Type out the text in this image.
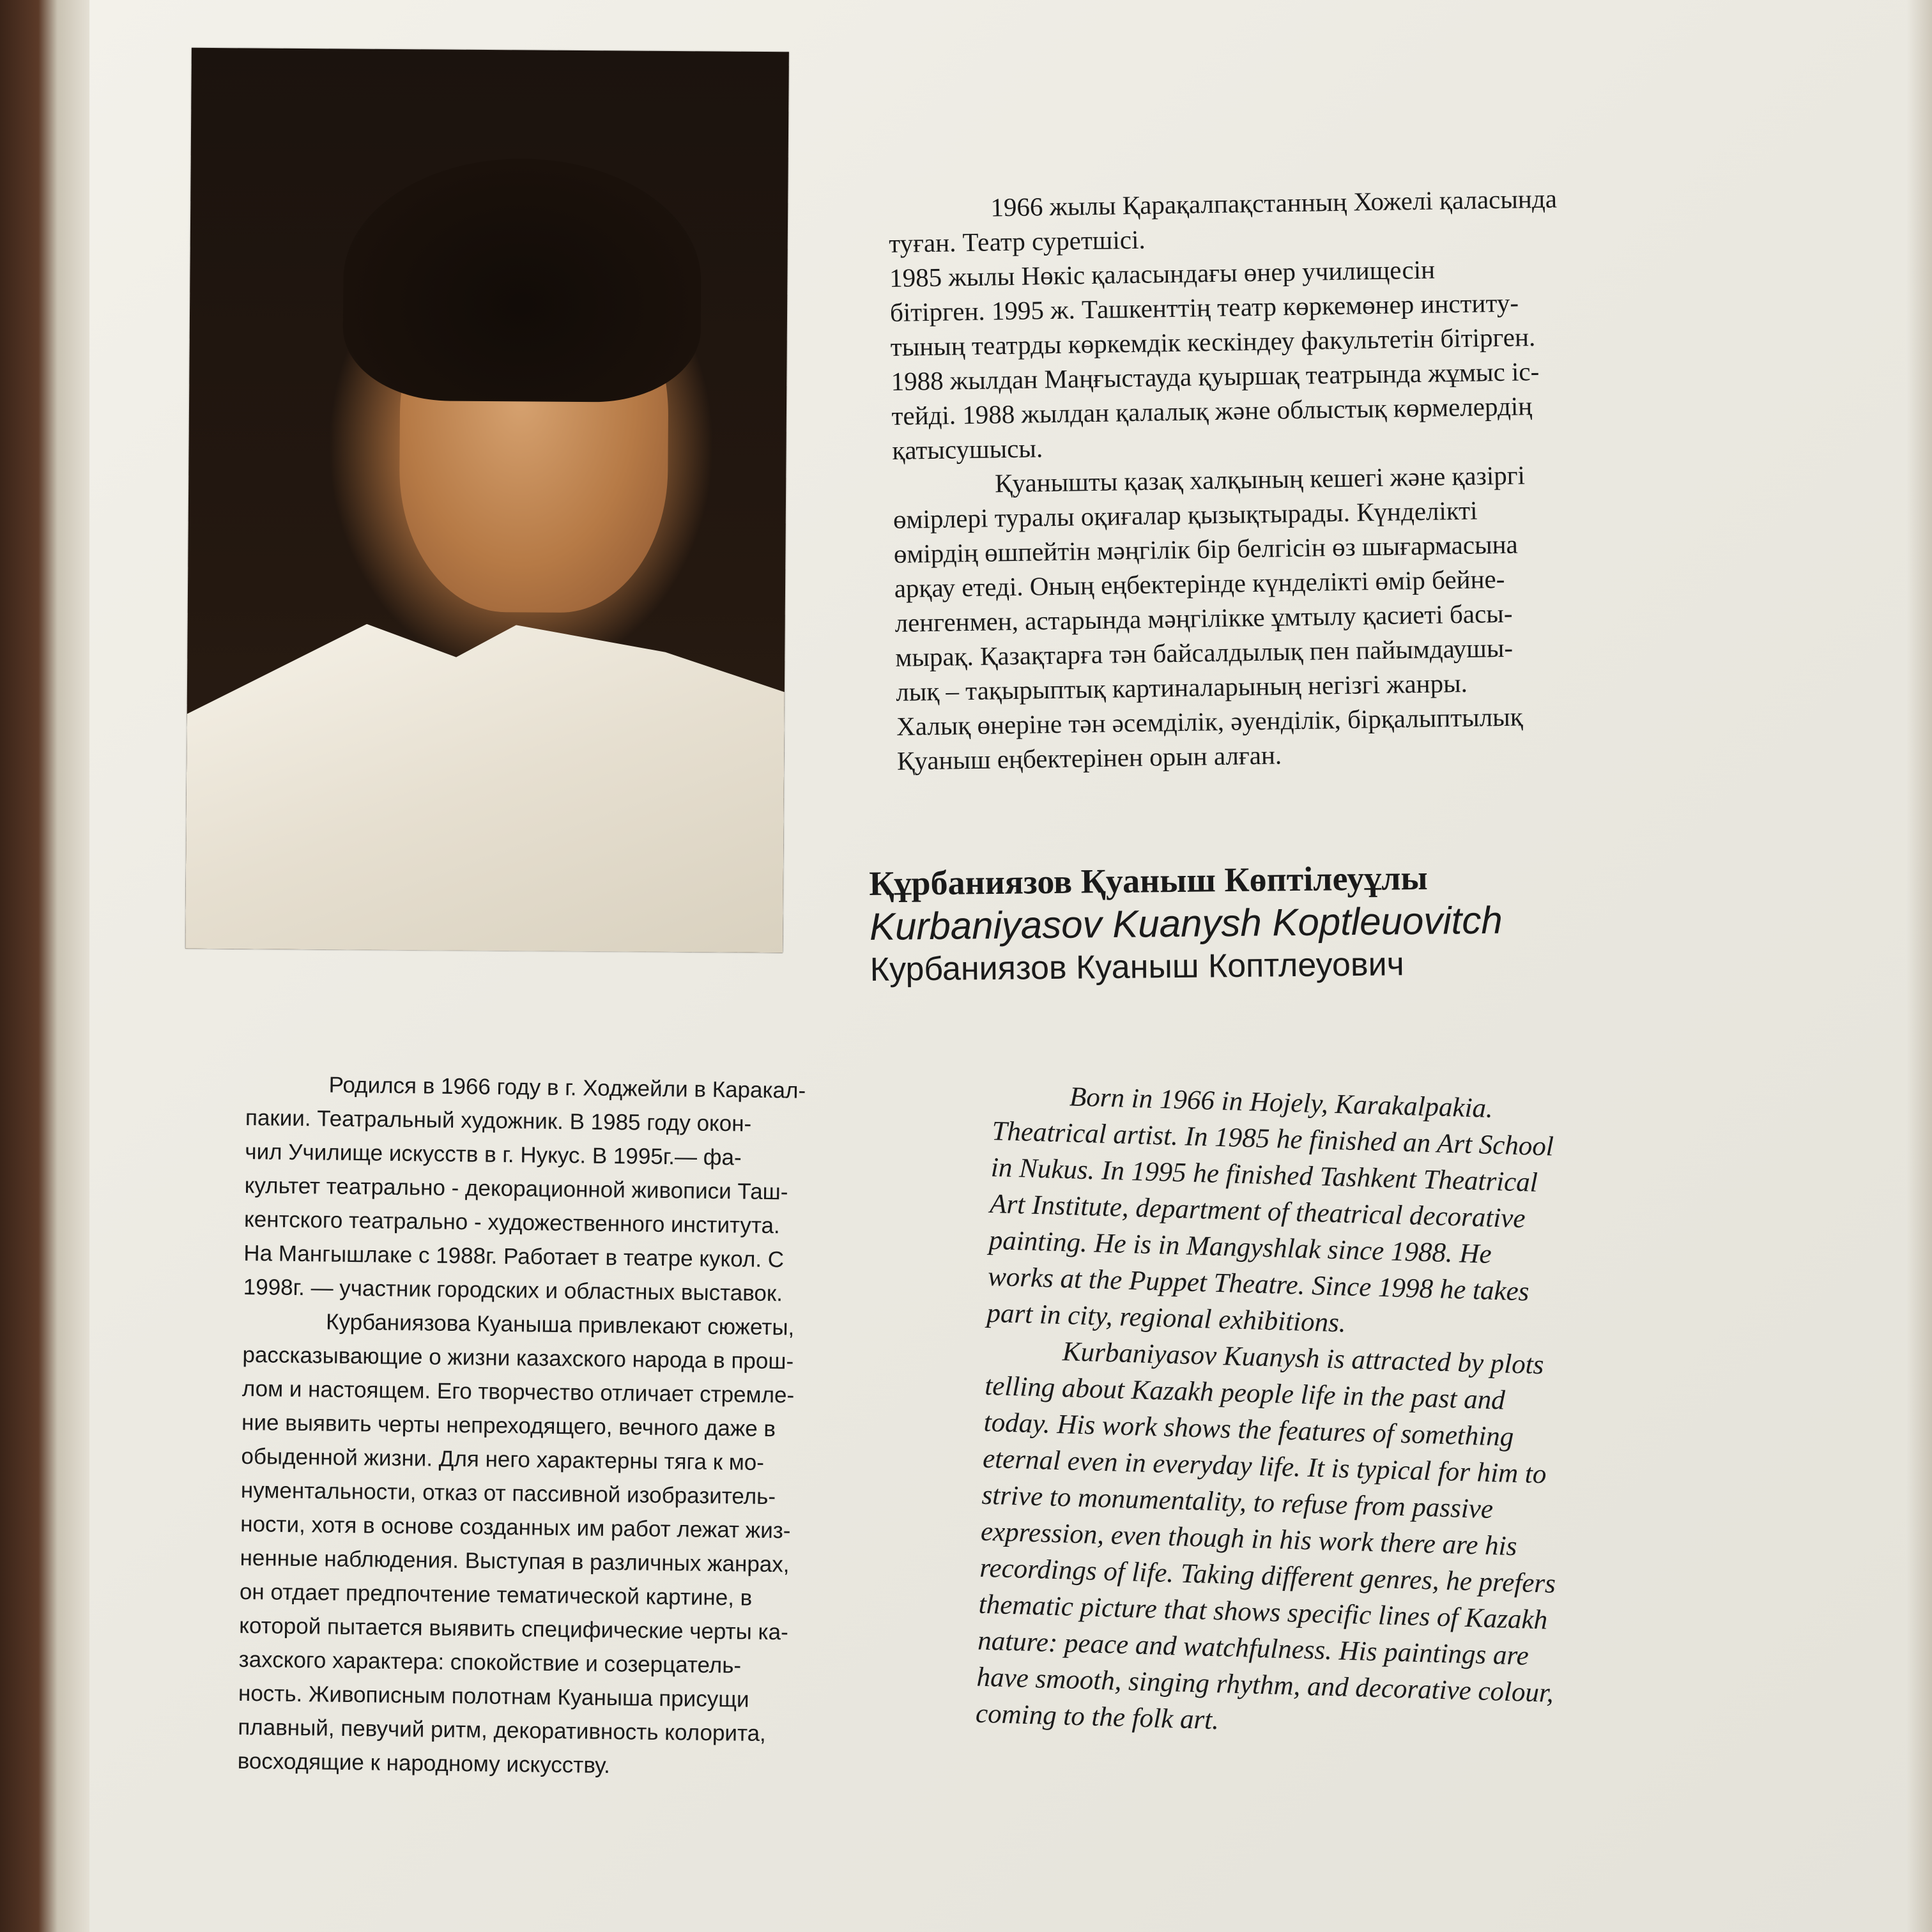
1966 жылы Қарақалпақстанның Хожелі қаласында
туған. Театр суретшісі.

1985 жылы Нөкіс қаласындағы өнер училищесін
бітірген. 1995 ж. Ташкенттің театр көркемөнер институ-
тының театрды көркемдік кескіндеу факультетін бітірген.
1988 жылдан Маңғыстауда қуыршақ театрында жұмыс іс-
тейді. 1988 жылдан қалалық және облыстық көрмелердің
қатысушысы.

Қуанышты қазақ халқының кешегі және қазіргі

өмірлері туралы оқиғалар қызықтырады. Күнделікті
өмірдің өшпейтін мәңгілік бір белгісін өз шығармасына
арқау етеді. Оның еңбектерінде күнделікті өмір бейне-
ленгенмен, астарында мәңгілікке ұмтылу қасиеті басы-
мырақ. Қазақтарға тән байсалдылық пен пайымдаушы-
лық – тақырыптық картиналарының негізгі жанры.
Халық өнеріне тән әсемділік, әуенділік, бірқалыптылық
Қуаныш еңбектерінен орын алған.

Құрбаниязов Қуаныш Көптілеуұлы
Kurbaniyasov Kuanysh Koptleuovitch
Курбаниязов Куаныш Коптлеуович

Родился в 1966 году в г. Ходжейли в Каракал-

пакии. Театральный художник. В 1985 году окон-
чил Училище искусств в г. Нукус. В 1995г.— фа-
культет театрально - декорационной живописи Таш-
кентского театрально - художественного института.
На Мангышлаке с 1988г. Работает в театре кукол. С
1998г. — участник городских и областных выставок.

Курбаниязова Куаныша привлекают сюжеты,

рассказывающие о жизни казахского народа в прош-
лом и настоящем. Его творчество отличает стремле-
ние выявить черты непреходящего, вечного даже в
обыденной жизни. Для него характерны тяга к мо-
нументальности, отказ от пассивной изобразитель-
ности, хотя в основе созданных им работ лежат жиз-
ненные наблюдения. Выступая в различных жанрах,
он отдает предпочтение тематической картине, в
которой пытается выявить специфические черты ка-
захского характера: спокойствие и созерцатель-
ность. Живописным полотнам Куаныша присущи
плавный, певучий ритм, декоративность колорита,
восходящие к народному искусству.

Born in 1966 in Hojely, Karakalpakia.

Theatrical artist. In 1985 he finished an Art School
in Nukus. In 1995 he finished Tashkent Theatrical
Art Institute, department of theatrical decorative
painting. He is in Mangyshlak since 1988. He
works at the Puppet Theatre. Since 1998 he takes
part in city, regional exhibitions.

Kurbaniyasov Kuanysh is attracted by plots

telling about Kazakh people life in the past and
today. His work shows the features of something
eternal even in everyday life. It is typical for him to
strive to monumentality, to refuse from passive
expression, even though in his work there are his
recordings of life. Taking different genres, he prefers
thematic picture that shows specific lines of Kazakh
nature: peace and watchfulness. His paintings are
have smooth, singing rhythm, and decorative colour,
coming to the folk art.
